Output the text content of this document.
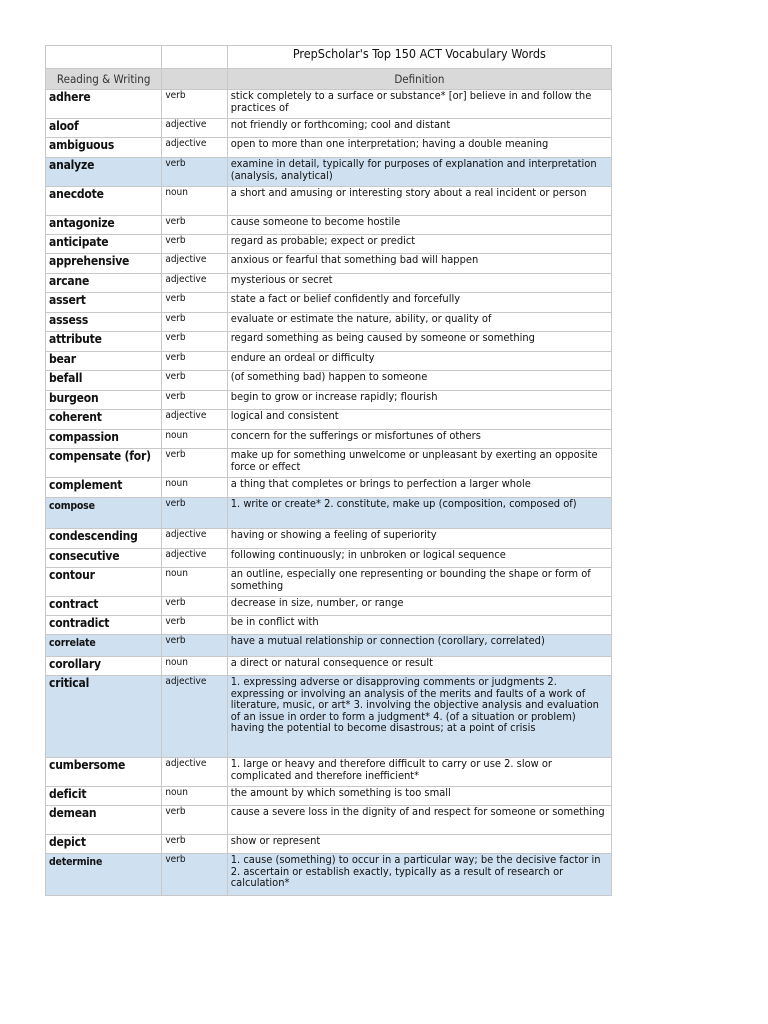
		PrepScholar's Top 150 ACT Vocabulary Words
Reading & Writing		Definition
adhere	verb	stick completely to a surface or substance* [or] believe in and follow the practices of
aloof	adjective	not friendly or forthcoming; cool and distant
ambiguous	adjective	open to more than one interpretation; having a double meaning
analyze	verb	examine in detail, typically for purposes of explanation and interpretation (analysis, analytical)
anecdote	noun	a short and amusing or interesting story about a real incident or person
antagonize	verb	cause someone to become hostile
anticipate	verb	regard as probable; expect or predict
apprehensive	adjective	anxious or fearful that something bad will happen
arcane	adjective	mysterious or secret
assert	verb	state a fact or belief confidently and forcefully
assess	verb	evaluate or estimate the nature, ability, or quality of
attribute	verb	regard something as being caused by someone or something
bear	verb	endure an ordeal or difficulty
befall	verb	(of something bad) happen to someone
burgeon	verb	begin to grow or increase rapidly; flourish
coherent	adjective	logical and consistent
compassion	noun	concern for the sufferings or misfortunes of others
compensate (for)	verb	make up for something unwelcome or unpleasant by exerting an opposite force or effect
complement	noun	a thing that completes or brings to perfection a larger whole
compose	verb	1. write or create* 2. constitute, make up (composition, composed of)
condescending	adjective	having or showing a feeling of superiority
consecutive	adjective	following continuously; in unbroken or logical sequence
contour	noun	an outline, especially one representing or bounding the shape or form of something
contract	verb	decrease in size, number, or range
contradict	verb	be in conflict with
correlate	verb	have a mutual relationship or connection (corollary, correlated)
corollary	noun	a direct or natural consequence or result
critical	adjective	1. expressing adverse or disapproving comments or judgments 2. expressing or involving an analysis of the merits and faults of a work of literature, music, or art* 3. involving the objective analysis and evaluation of an issue in order to form a judgment* 4. (of a situation or problem) having the potential to become disastrous; at a point of crisis
cumbersome	adjective	1. large or heavy and therefore difficult to carry or use 2. slow or complicated and therefore inefficient*
deficit	noun	the amount by which something is too small
demean	verb	cause a severe loss in the dignity of and respect for someone or something
depict	verb	show or represent
determine	verb	1. cause (something) to occur in a particular way; be the decisive factor in 2. ascertain or establish exactly, typically as a result of research or calculation*
